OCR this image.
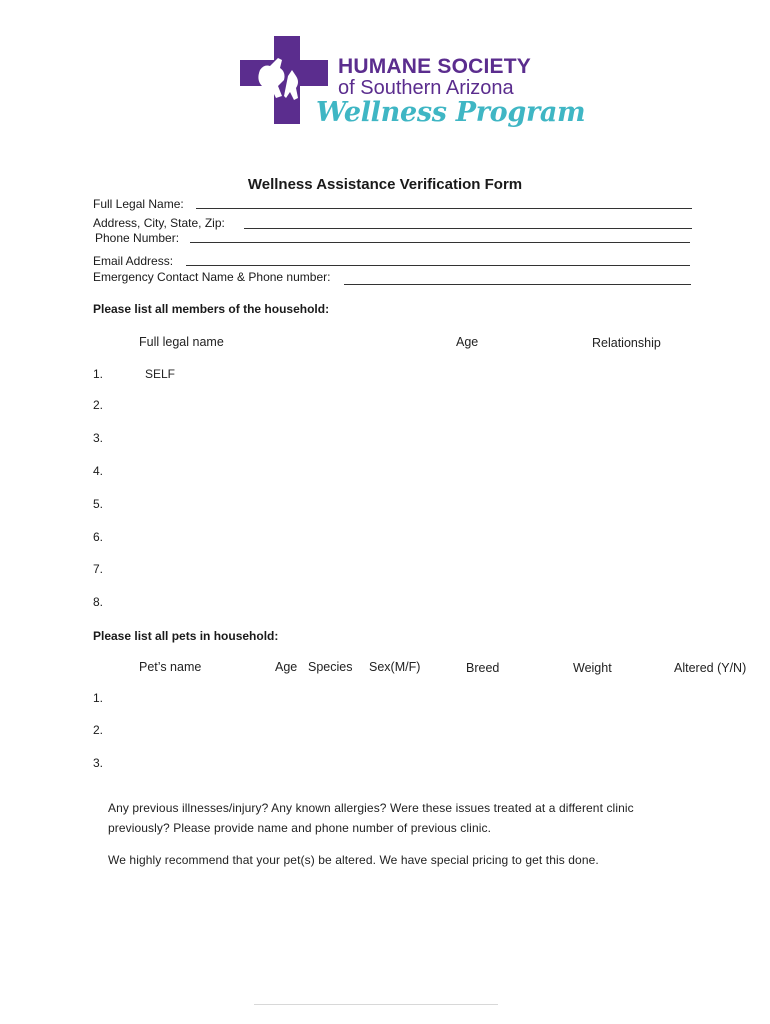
HUMANE SOCIETY
of Southern Arizona
Wellness Program
Wellness Assistance Verification Form
Full Legal Name:
Address, City, State, Zip:
Phone Number:
Email Address:
Emergency Contact Name & Phone number:
Please list all members of the household:
Full legal name	Age	Relationship
1.	SELF
2.
3.
4.
5.
6.
7.
8.
Please list all pets in household:
Pet’s name	Age Species Sex(M/F)	Breed	Weight	Altered (Y/N)
1.
2.
3.
Any previous illnesses/injury? Any known allergies? Were these issues treated at a different clinic
previously? Please provide name and phone number of previous clinic.
We highly recommend that your pet(s) be altered. We have special pricing to get this done.
